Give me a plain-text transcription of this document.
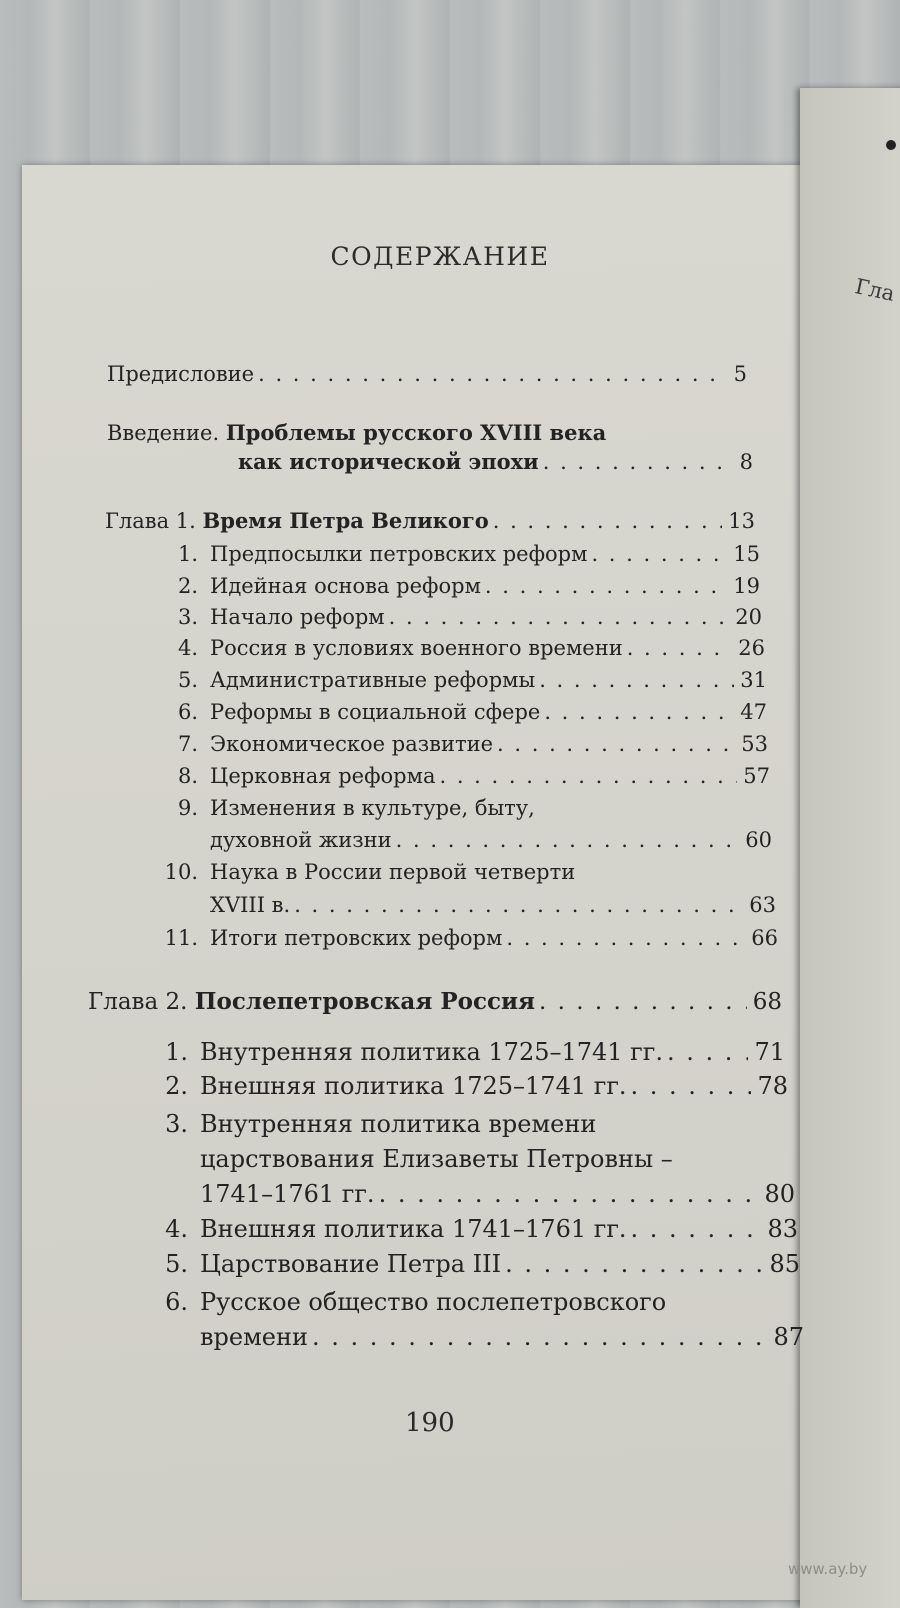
Гла
СОДЕРЖАНИЕ
Предисловие . . .	5
Введение. Проблемы русского XVIII века
как исторической эпохи . . .	8
Глава 1.
Время Петра Великого . . .	13
1. Предпосылки петровских реформ . . .	15
2. Идейная основа реформ . . .	19
3. Начало реформ . . .	20
4. Россия в условиях военного времени . . .	26
5. Административные реформы . . .	31
6. Реформы в социальной сфере . . .	47
7. Экономическое развитие . . .	53
8. Церковная реформа . . .	57
9. Изменения в культуре, быту,
духовной жизни . . .	60
10. Наука в России первой четверти
XVIII в. . . .	63
11. Итоги петровских реформ . . .	66
Глава 2.
Послепетровская Россия . . .	68
1. Внутренняя политика 1725–1741 гг. . . .	71
2. Внешняя политика 1725–1741 гг. . . .	78
3. Внутренняя политика времени
царствования Елизаветы Петровны –
1741–1761 гг. . . .	80
4. Внешняя политика 1741–1761 гг. . . .	83
5. Царствование Петра III . . .	85
6. Русское общество послепетровского
времени . . .	87
190
www.ay.by
